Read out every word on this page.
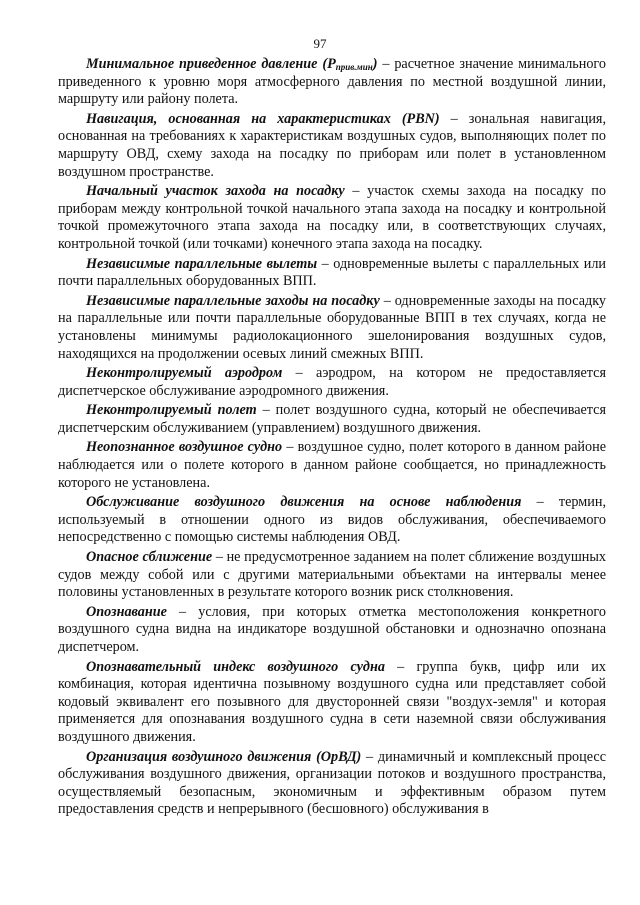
97

Минимальное приведенное давление $(P_{прив.мин})$ – расчетное значение минимального приведенного к уровню моря атмосферного давления по местной воздушной линии, маршруту или району полета.

Навигация, основанная на характеристиках (PBN) – зональная навигация, основанная на требованиях к характеристикам воздушных судов, выполняющих полет по маршруту ОВД, схему захода на посадку по приборам или полет в установленном воздушном пространстве.

Начальный участок захода на посадку – участок схемы захода на посадку по приборам между контрольной точкой начального этапа захода на посадку и контрольной точкой промежуточного этапа захода на посадку или, в соответствующих случаях, контрольной точкой (или точками) конечного этапа захода на посадку.

Независимые параллельные вылеты – одновременные вылеты с параллельных или почти параллельных оборудованных ВПП.

Независимые параллельные заходы на посадку – одновременные заходы на посадку на параллельные или почти параллельные оборудованные ВПП в тех случаях, когда не установлены минимумы радиолокационного эшелонирования воздушных судов, находящихся на продолжении осевых линий смежных ВПП.

Неконтролируемый аэродром – аэродром, на котором не предоставляется диспетчерское обслуживание аэродромного движения.

Неконтролируемый полет – полет воздушного судна, который не обеспечивается диспетчерским обслуживанием (управлением) воздушного движения.

Неопознанное воздушное судно – воздушное судно, полет которого в данном районе наблюдается или о полете которого в данном районе сообщается, но принадлежность которого не установлена.

Обслуживание воздушного движения на основе наблюдения – термин, используемый в отношении одного из видов обслуживания, обеспечиваемого непосредственно с помощью системы наблюдения ОВД.

Опасное сближение – не предусмотренное заданием на полет сближение воздушных судов между собой или с другими материальными объектами на интервалы менее половины установленных в результате которого возник риск столкновения.

Опознавание – условия, при которых отметка местоположения конкретного воздушного судна видна на индикаторе воздушной обстановки и однозначно опознана диспетчером.

Опознавательный индекс воздушного судна – группа букв, цифр или их комбинация, которая идентична позывному воздушного судна или представляет собой кодовый эквивалент его позывного для двусторонней связи "воздух-земля" и которая применяется для опознавания воздушного судна в сети наземной связи обслуживания воздушного движения.

Организация воздушного движения (ОрВД) – динамичный и комплексный процесс обслуживания воздушного движения, организации потоков и воздушного пространства, осуществляемый безопасным, экономичным и эффективным образом путем предоставления средств и непрерывного (бесшовного) обслуживания в
